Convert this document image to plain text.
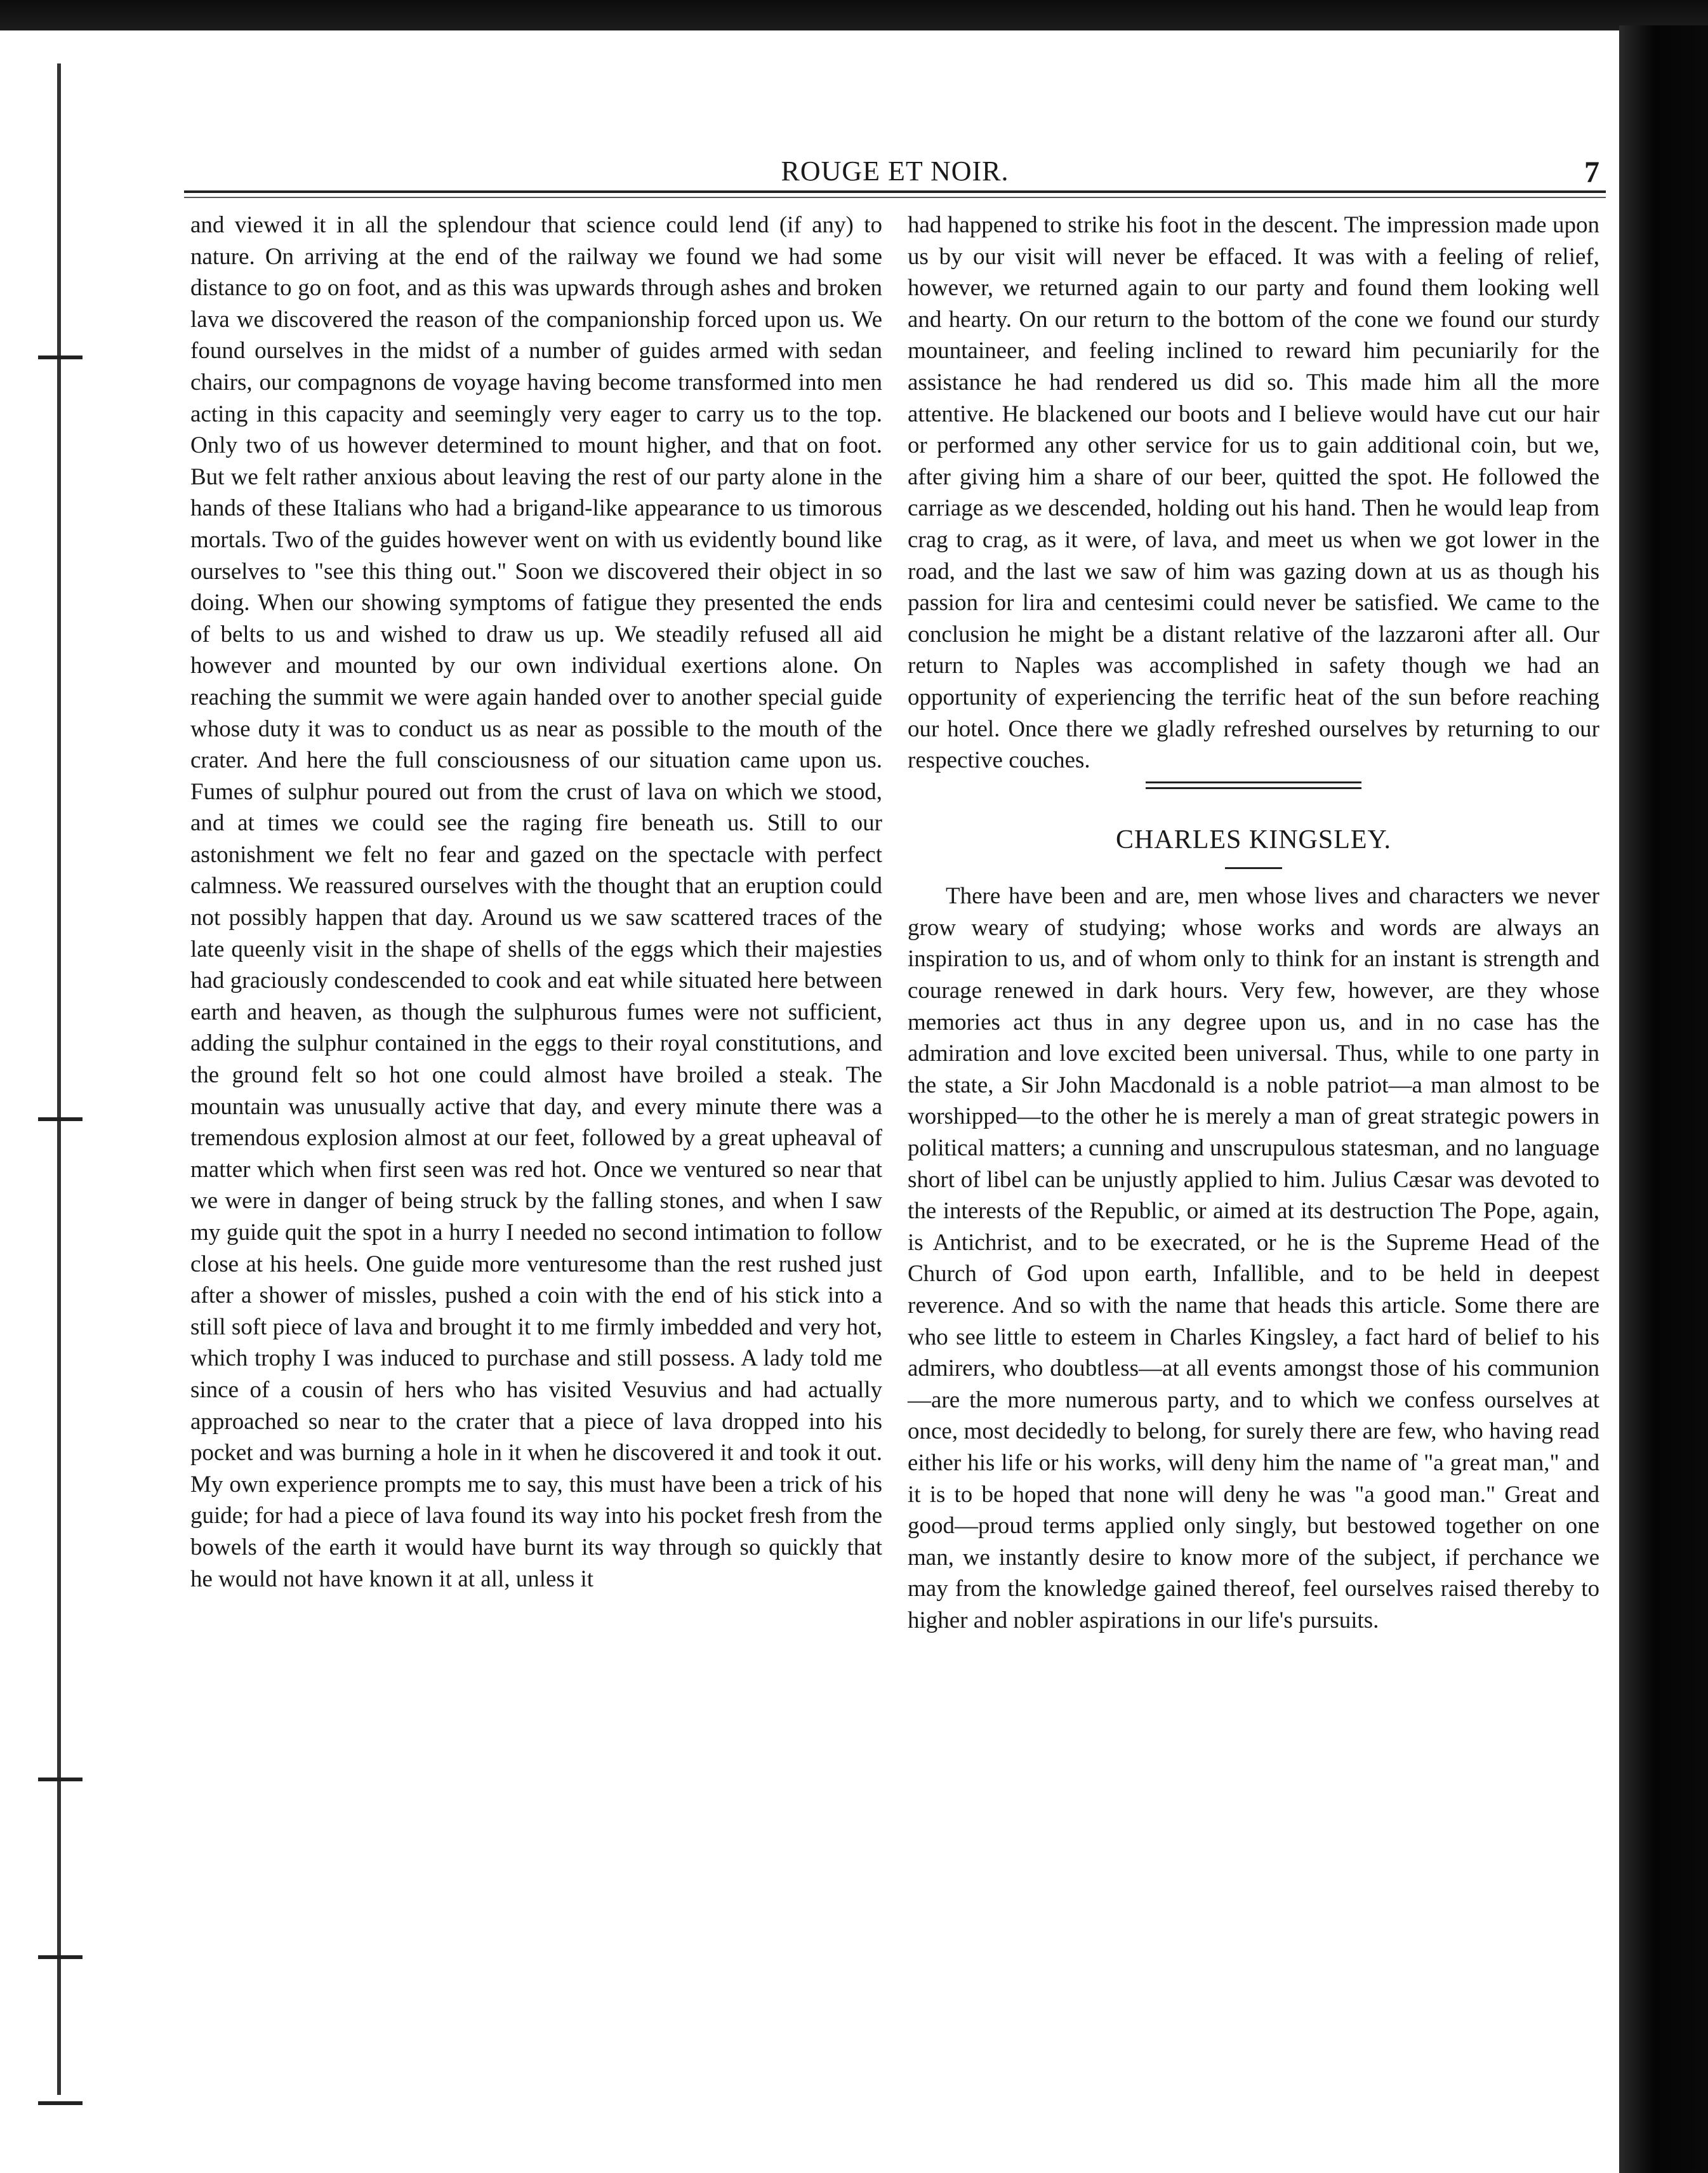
ROUGE ET NOIR.	7

and viewed it in all the splendour that science could lend (if any) to nature. On arriving at the end of the railway we found we had some distance to go on foot, and as this was upwards through ashes and broken lava we discovered the reason of the companionship forced upon us. We found ourselves in the midst of a number of guides armed with sedan chairs, our compagnons de voyage having become transformed into men acting in this capacity and seemingly very eager to carry us to the top. Only two of us however determined to mount higher, and that on foot. But we felt rather anxious about leaving the rest of our party alone in the hands of these Italians who had a brigand-like appearance to us timorous mortals. Two of the guides however went on with us evidently bound like ourselves to "see this thing out." Soon we discovered their object in so doing. When our showing symptoms of fatigue they presented the ends of belts to us and wished to draw us up. We steadily refused all aid however and mounted by our own individual exertions alone. On reaching the summit we were again handed over to another special guide whose duty it was to conduct us as near as possible to the mouth of the crater. And here the full consciousness of our situation came upon us. Fumes of sulphur poured out from the crust of lava on which we stood, and at times we could see the raging fire beneath us. Still to our astonishment we felt no fear and gazed on the spectacle with perfect calmness. We reassured ourselves with the thought that an eruption could not possibly happen that day. Around us we saw scattered traces of the late queenly visit in the shape of shells of the eggs which their majesties had graciously condescended to cook and eat while situated here between earth and heaven, as though the sulphurous fumes were not sufficient, adding the sulphur contained in the eggs to their royal constitutions, and the ground felt so hot one could almost have broiled a steak. The mountain was unusually active that day, and every minute there was a tremendous explosion almost at our feet, followed by a great upheaval of matter which when first seen was red hot. Once we ventured so near that we were in danger of being struck by the falling stones, and when I saw my guide quit the spot in a hurry I needed no second intimation to follow close at his heels. One guide more venturesome than the rest rushed just after a shower of missles, pushed a coin with the end of his stick into a still soft piece of lava and brought it to me firmly imbedded and very hot, which trophy I was induced to purchase and still possess. A lady told me since of a cousin of hers who has visited Vesuvius and had actually approached so near to the crater that a piece of lava dropped into his pocket and was burning a hole in it when he discovered it and took it out. My own experience prompts me to say, this must have been a trick of his guide; for had a piece of lava found its way into his pocket fresh from the bowels of the earth it would have burnt its way through so quickly that he would not have known it at all, unless it

had happened to strike his foot in the descent. The impression made upon us by our visit will never be effaced. It was with a feeling of relief, however, we returned again to our party and found them looking well and hearty. On our return to the bottom of the cone we found our sturdy mountaineer, and feeling inclined to reward him pecuniarily for the assistance he had rendered us did so. This made him all the more attentive. He blackened our boots and I believe would have cut our hair or performed any other service for us to gain additional coin, but we, after giving him a share of our beer, quitted the spot. He followed the carriage as we descended, holding out his hand. Then he would leap from crag to crag, as it were, of lava, and meet us when we got lower in the road, and the last we saw of him was gazing down at us as though his passion for lira and centesimi could never be satisfied. We came to the conclusion he might be a distant relative of the lazzaroni after all. Our return to Naples was accomplished in safety though we had an opportunity of experiencing the terrific heat of the sun before reaching our hotel. Once there we gladly refreshed ourselves by returning to our respective couches.

CHARLES KINGSLEY.

There have been and are, men whose lives and characters we never grow weary of studying; whose works and words are always an inspiration to us, and of whom only to think for an instant is strength and courage renewed in dark hours. Very few, however, are they whose memories act thus in any degree upon us, and in no case has the admiration and love excited been universal. Thus, while to one party in the state, a Sir John Macdonald is a noble patriot—a man almost to be worshipped—to the other he is merely a man of great strategic powers in political matters; a cunning and unscrupulous statesman, and no language short of libel can be unjustly applied to him. Julius Cæsar was devoted to the interests of the Republic, or aimed at its destruction The Pope, again, is Antichrist, and to be execrated, or he is the Supreme Head of the Church of God upon earth, Infallible, and to be held in deepest reverence. And so with the name that heads this article. Some there are who see little to esteem in Charles Kingsley, a fact hard of belief to his admirers, who doubtless—at all events amongst those of his communion—are the more numerous party, and to which we confess ourselves at once, most decidedly to belong, for surely there are few, who having read either his life or his works, will deny him the name of "a great man," and it is to be hoped that none will deny he was "a good man." Great and good—proud terms applied only singly, but bestowed together on one man, we instantly desire to know more of the subject, if perchance we may from the knowledge gained thereof, feel ourselves raised thereby to higher and nobler aspirations in our life's pursuits.
